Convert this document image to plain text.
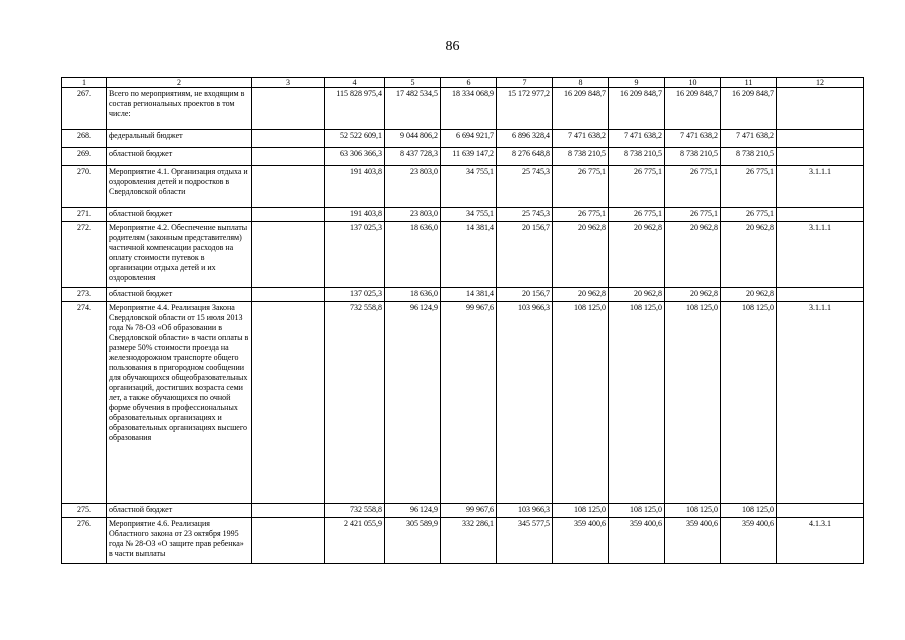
86
1	2	3	4	5	6	7	8	9	10	11	12
267.	Всего по мероприятиям, не входящим в состав региональных проектов в том числе:		115 828 975,4	17 482 534,5	18 334 068,9	15 172 977,2	16 209 848,7	16 209 848,7	16 209 848,7	16 209 848,7	
268.	федеральный бюджет		52 522 609,1	9 044 806,2	6 694 921,7	6 896 328,4	7 471 638,2	7 471 638,2	7 471 638,2	7 471 638,2	
269.	областной бюджет		63 306 366,3	8 437 728,3	11 639 147,2	8 276 648,8	8 738 210,5	8 738 210,5	8 738 210,5	8 738 210,5	
270.	Мероприятие 4.1. Организация отдыха и оздоровления детей и подростков в Свердловской области		191 403,8	23 803,0	34 755,1	25 745,3	26 775,1	26 775,1	26 775,1	26 775,1	3.1.1.1
271.	областной бюджет		191 403,8	23 803,0	34 755,1	25 745,3	26 775,1	26 775,1	26 775,1	26 775,1	
272.	Мероприятие 4.2. Обеспечение выплаты родителям (законным представителям) частичной компенсации расходов на оплату стоимости путевок в организации отдыха детей и их оздоровления		137 025,3	18 636,0	14 381,4	20 156,7	20 962,8	20 962,8	20 962,8	20 962,8	3.1.1.1
273.	областной бюджет		137 025,3	18 636,0	14 381,4	20 156,7	20 962,8	20 962,8	20 962,8	20 962,8	
274.	Мероприятие 4.4. Реализация Закона Свердловской области от 15 июля 2013 года № 78-ОЗ «Об образовании в Свердловской области» в части оплаты в размере 50% стоимости проезда на железнодорожном транспорте общего пользования в пригородном сообщении для обучающихся общеобразовательных организаций, достигших возраста семи лет, а также обучающихся по очной форме обучения в профессиональных образовательных организациях и образовательных организациях высшего образования		732 558,8	96 124,9	99 967,6	103 966,3	108 125,0	108 125,0	108 125,0	108 125,0	3.1.1.1
275.	областной бюджет		732 558,8	96 124,9	99 967,6	103 966,3	108 125,0	108 125,0	108 125,0	108 125,0	
276.	Мероприятие 4.6. Реализация Областного закона от 23 октября 1995 года № 28-ОЗ «О защите прав ребенка» в части выплаты		2 421 055,9	305 589,9	332 286,1	345 577,5	359 400,6	359 400,6	359 400,6	359 400,6	4.1.3.1
